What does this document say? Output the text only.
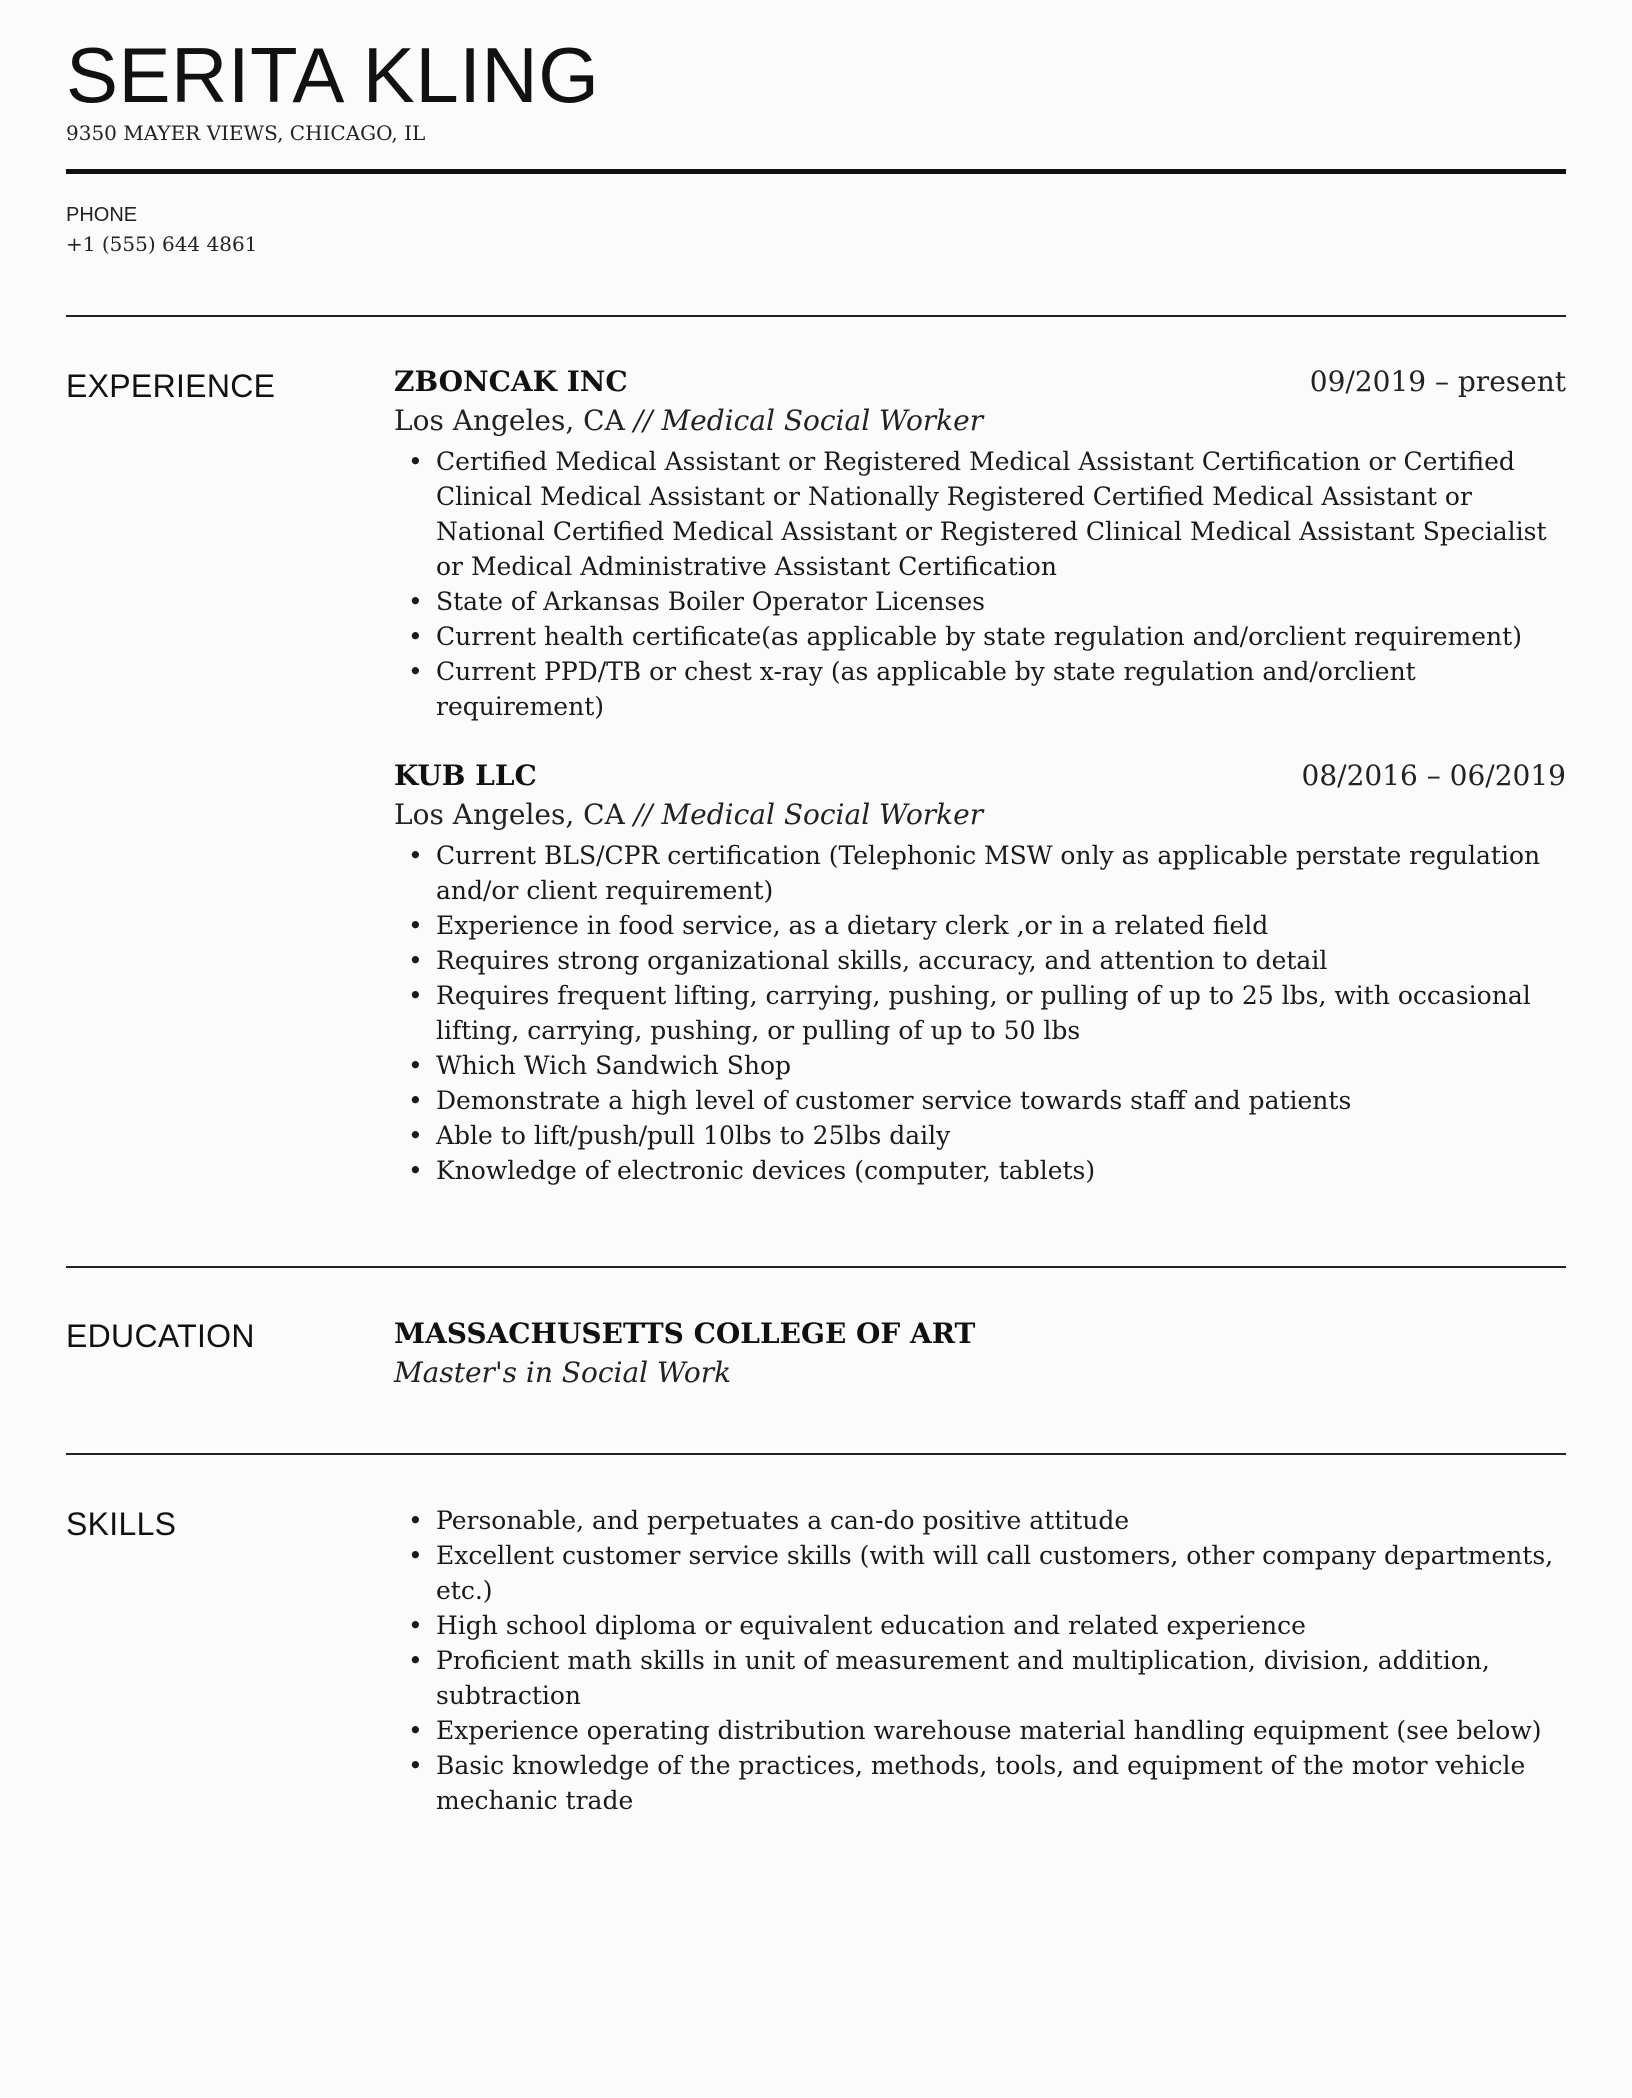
SERITA KLING
9350 MAYER VIEWS, CHICAGO, IL
PHONE
+1 (555) 644 4861
EXPERIENCE	ZBONCAK INC	09/2019 – present
Los Angeles, CA // Medical Social Worker
• Certified Medical Assistant or Registered Medical Assistant Certification or Certified Clinical Medical Assistant or Nationally Registered Certified Medical Assistant or National Certified Medical Assistant or Registered Clinical Medical Assistant Specialist or Medical Administrative Assistant Certification
• State of Arkansas Boiler Operator Licenses
• Current health certificate(as applicable by state regulation and/orclient requirement)
• Current PPD/TB or chest x-ray (as applicable by state regulation and/orclient requirement)
KUB LLC	08/2016 – 06/2019
Los Angeles, CA // Medical Social Worker
• Current BLS/CPR certification (Telephonic MSW only as applicable perstate regulation and/or client requirement)
• Experience in food service, as a dietary clerk ,or in a related field
• Requires strong organizational skills, accuracy, and attention to detail
• Requires frequent lifting, carrying, pushing, or pulling of up to 25 lbs, with occasional lifting, carrying, pushing, or pulling of up to 50 lbs
• Which Wich Sandwich Shop
• Demonstrate a high level of customer service towards staff and patients
• Able to lift/push/pull 10lbs to 25lbs daily
• Knowledge of electronic devices (computer, tablets)
EDUCATION	MASSACHUSETTS COLLEGE OF ART
Master's in Social Work
SKILLS	• Personable, and perpetuates a can-do positive attitude
• Excellent customer service skills (with will call customers, other company departments, etc.)
• High school diploma or equivalent education and related experience
• Proficient math skills in unit of measurement and multiplication, division, addition, subtraction
• Experience operating distribution warehouse material handling equipment (see below)
• Basic knowledge of the practices, methods, tools, and equipment of the motor vehicle mechanic trade
